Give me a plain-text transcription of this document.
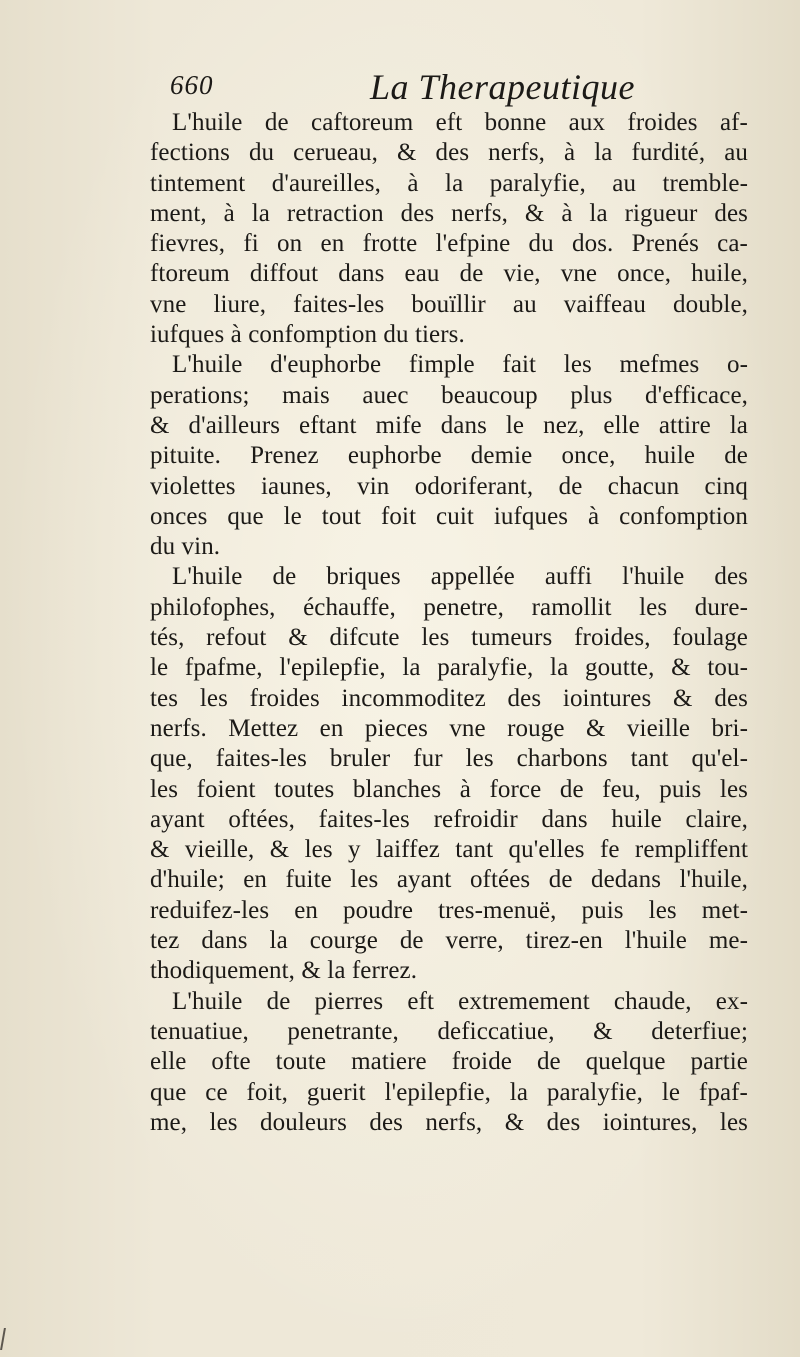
660	La Therapeutique
L'huile de caftoreum eft bonne aux froides af-
fections du cerueau, & des nerfs, à la furdité, au
tintement d'aureilles, à la paralyfie, au tremble-
ment, à la retraction des nerfs, & à la rigueur des
fievres, fi on en frotte l'efpine du dos. Prenés ca-
ftoreum diffout dans eau de vie, vne once, huile,
vne liure, faites-les bouïllir au vaiffeau double,
iufques à confomption du tiers.
L'huile d'euphorbe fimple fait les mefmes o-
perations; mais auec beaucoup plus d'efficace,
& d'ailleurs eftant mife dans le nez, elle attire la
pituite. Prenez euphorbe demie once, huile de
violettes iaunes, vin odoriferant, de chacun cinq
onces que le tout foit cuit iufques à confomption
du vin.
L'huile de briques appellée auffi l'huile des
philofophes, échauffe, penetre, ramollit les dure-
tés, refout & difcute les tumeurs froides, foulage
le fpafme, l'epilepfie, la paralyfie, la goutte, & tou-
tes les froides incommoditez des iointures & des
nerfs. Mettez en pieces vne rouge & vieille bri-
que, faites-les bruler fur les charbons tant qu'el-
les foient toutes blanches à force de feu, puis les
ayant oftées, faites-les refroidir dans huile claire,
& vieille, & les y laiffez tant qu'elles fe rempliffent
d'huile; en fuite les ayant oftées de dedans l'huile,
reduifez-les en poudre tres-menuë, puis les met-
tez dans la courge de verre, tirez-en l'huile me-
thodiquement, & la ferrez.
L'huile de pierres eft extremement chaude, ex-
tenuatiue, penetrante, deficcatiue, & deterfiue;
elle ofte toute matiere froide de quelque partie
que ce foit, guerit l'epilepfie, la paralyfie, le fpaf-
me, les douleurs des nerfs, & des iointures, les
